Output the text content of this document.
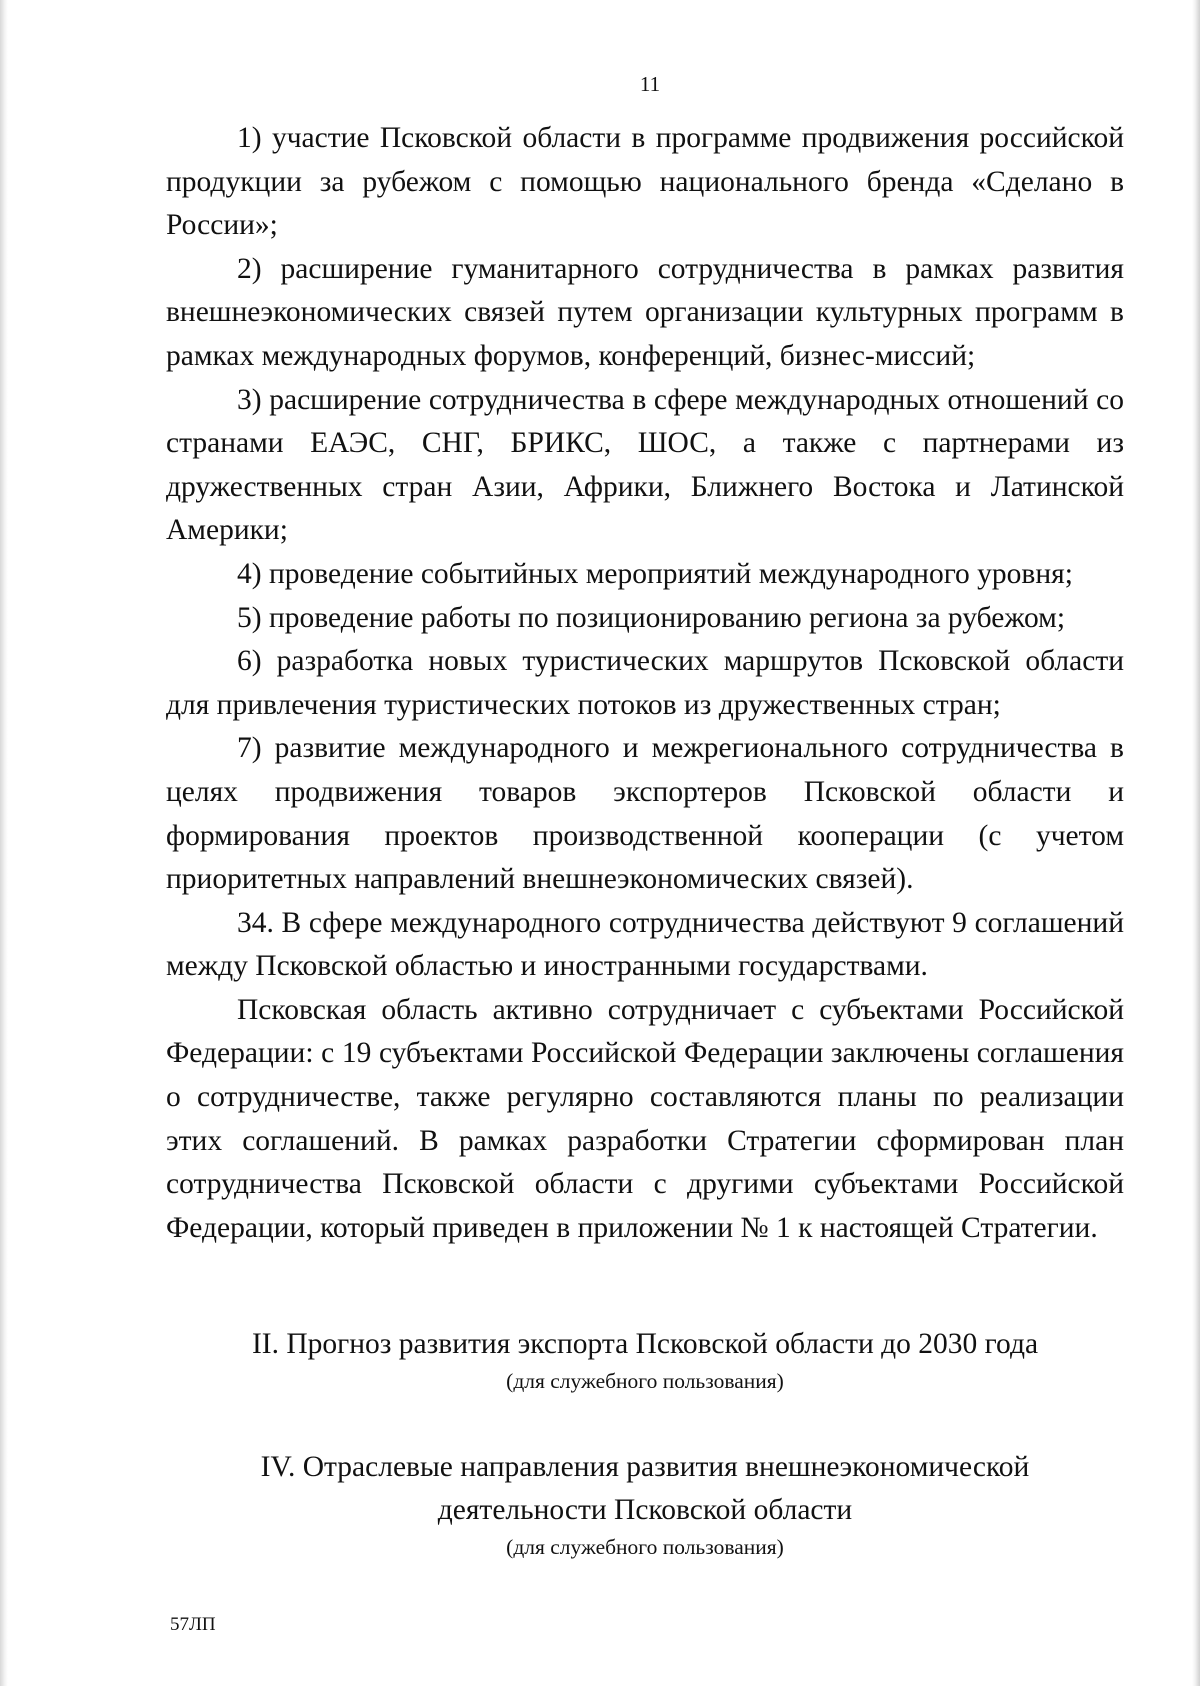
11

1) участие Псковской области в программе продвижения российской продукции за рубежом с помощью национального бренда «Сделано в России»;

2) расширение гуманитарного сотрудничества в рамках развития внешнеэкономических связей путем организации культурных программ в рамках международных форумов, конференций, бизнес-миссий;

3) расширение сотрудничества в сфере международных отношений со странами ЕАЭС, СНГ, БРИКС, ШОС, а также с партнерами из дружественных стран Азии, Африки, Ближнего Востока и Латинской Америки;

4) проведение событийных мероприятий международного уровня;

5) проведение работы по позиционированию региона за рубежом;

6) разработка новых туристических маршрутов Псковской области для привлечения туристических потоков из дружественных стран;

7) развитие международного и межрегионального сотрудничества в целях продвижения товаров экспортеров Псковской области и формирования проектов производственной кооперации (с учетом приоритетных направлений внешнеэкономических связей).

34. В сфере международного сотрудничества действуют 9 соглашений между Псковской областью и иностранными государствами.

Псковская область активно сотрудничает с субъектами Российской Федерации: с 19 субъектами Российской Федерации заключены соглашения о сотрудничестве, также регулярно составляются планы по реализации этих соглашений. В рамках разработки Стратегии сформирован план сотрудничества Псковской области с другими субъектами Российской Федерации, который приведен в приложении № 1 к настоящей Стратегии.

II. Прогноз развития экспорта Псковской области до 2030 года
(для служебного пользования)
IV. Отраслевые направления развития внешнеэкономической
деятельности Псковской области
(для служебного пользования)
57ЛП
